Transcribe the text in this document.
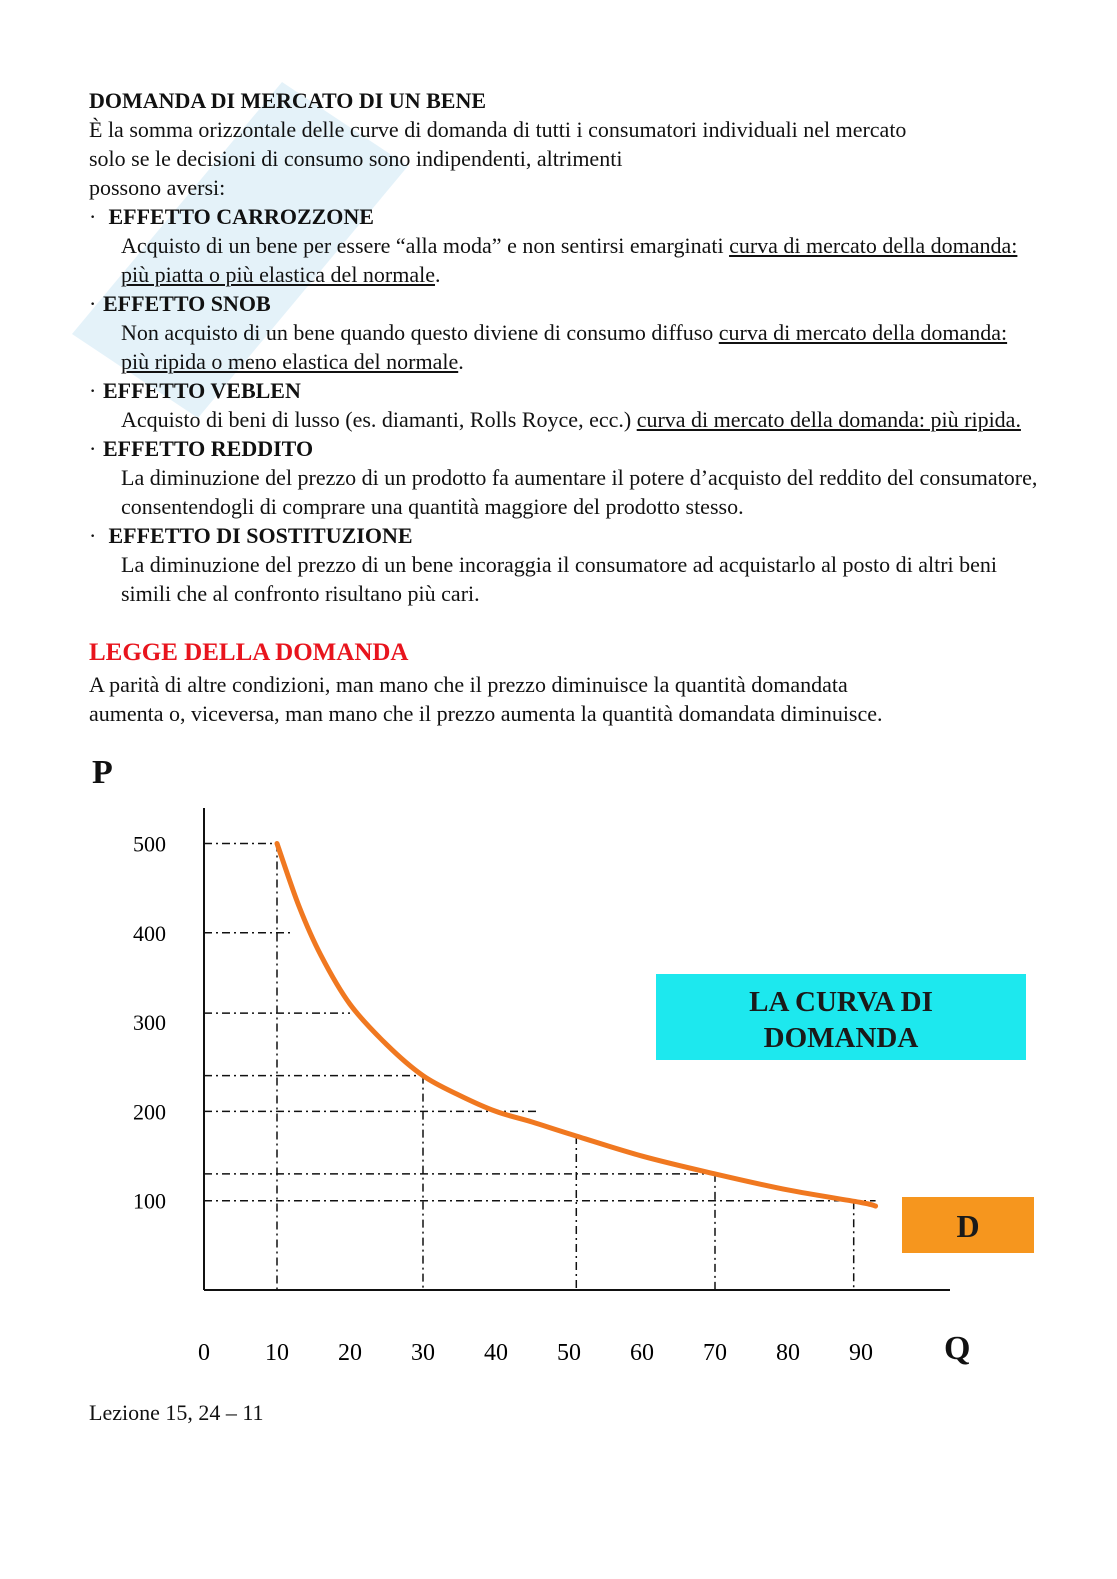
DOMANDA DI MERCATO DI UN BENE
È la somma orizzontale delle curve di domanda di tutti i consumatori individuali nel mercato
solo se le decisioni di consumo sono indipendenti, altrimenti
possono aversi:
· EFFETTO CARROZZONE
Acquisto di un bene per essere “alla moda” e non sentirsi emarginati curva di mercato della domanda: più piatta o più elastica del normale.
· EFFETTO SNOB
Non acquisto di un bene quando questo diviene di consumo diffuso curva di mercato della domanda: più ripida o meno elastica del normale.
· EFFETTO VEBLEN
Acquisto di beni di lusso (es. diamanti, Rolls Royce, ecc.) curva di mercato della domanda: più ripida.
· EFFETTO REDDITO
La diminuzione del prezzo di un prodotto fa aumentare il potere d’acquisto del reddito del consumatore, consentendogli di comprare una quantità maggiore del prodotto stesso.
· EFFETTO DI SOSTITUZIONE
La diminuzione del prezzo di un bene incoraggia il consumatore ad acquistarlo al posto di altri beni simili che al confronto risultano più cari.
LEGGE DELLA DOMANDA
A parità di altre condizioni, man mano che il prezzo diminuisce la quantità domandata
aumenta o, viceversa, man mano che il prezzo aumenta la quantità domandata diminuisce.
P
Q
100
200
300
400
500
0 10 20 30 40 50 60 70 80 90
LA CURVA DI
DOMANDA
D
Lezione 15, 24 – 11
